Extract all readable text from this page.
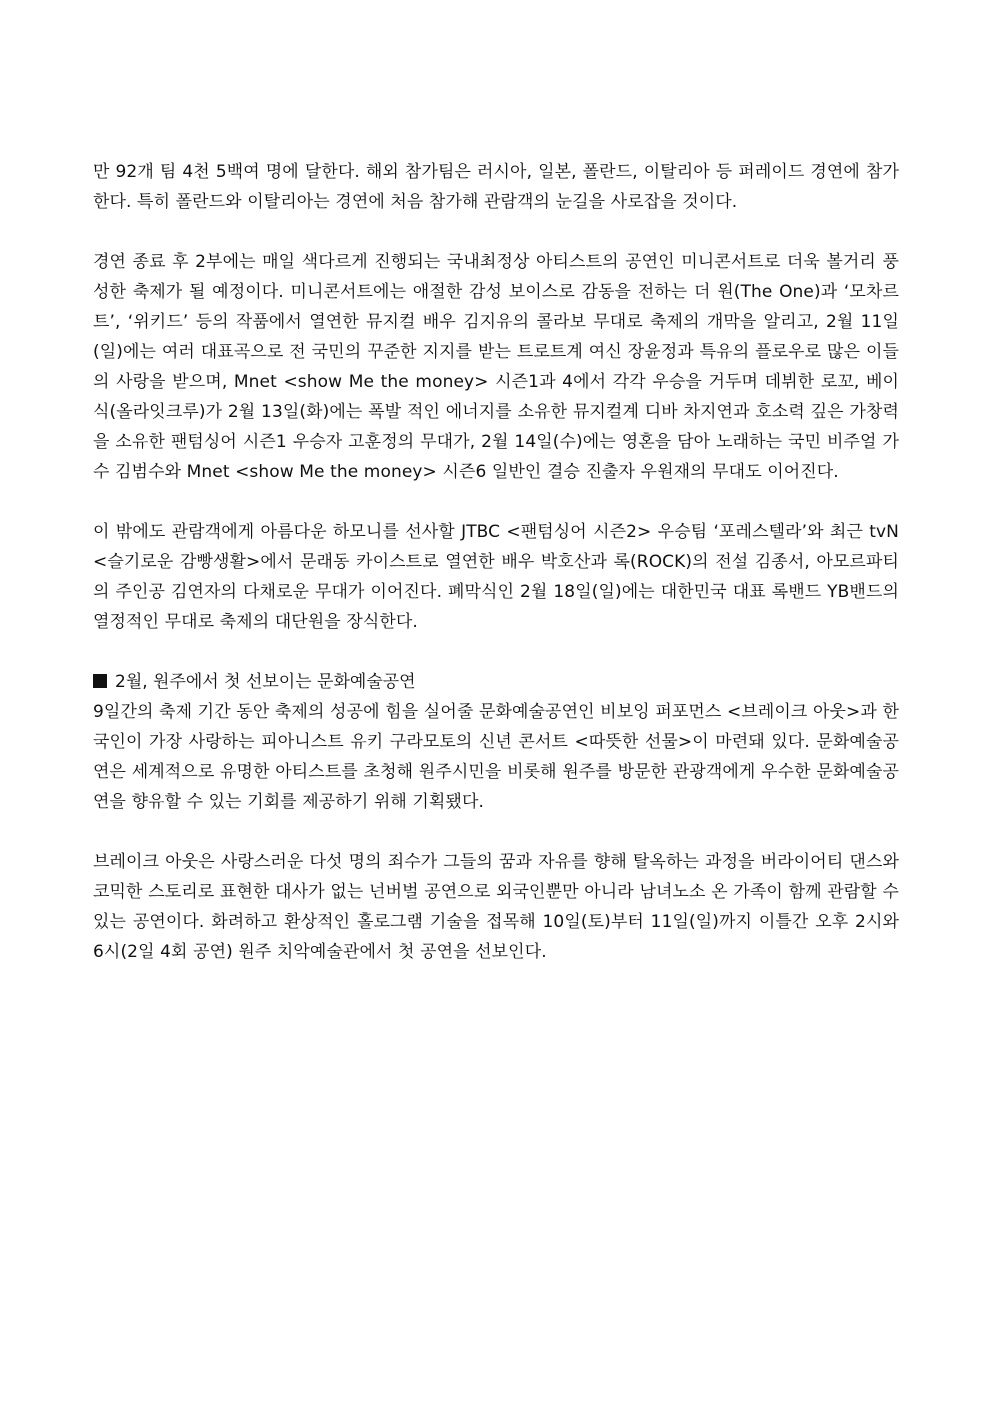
만 92개 팀 4천 5백여 명에 달한다. 해외 참가팀은 러시아, 일본, 폴란드, 이탈리아 등 퍼레이드 경연에 참가한다. 특히 폴란드와 이탈리아는 경연에 처음 참가해 관람객의 눈길을 사로잡을 것이다.

경연 종료 후 2부에는 매일 색다르게 진행되는 국내최정상 아티스트의 공연인 미니콘서트로 더욱 볼거리 풍성한 축제가 될 예정이다. 미니콘서트에는 애절한 감성 보이스로 감동을 전하는 더 원(The One)과 ‘모차르트’, ‘위키드’ 등의 작품에서 열연한 뮤지컬 배우 김지유의 콜라보 무대로 축제의 개막을 알리고, 2월 11일(일)에는 여러 대표곡으로 전 국민의 꾸준한 지지를 받는 트로트계 여신 장윤정과 특유의 플로우로 많은 이들의 사랑을 받으며, Mnet <show Me the money> 시즌1과 4에서 각각 우승을 거두며 데뷔한 로꼬, 베이식(올라잇크루)가 2월 13일(화)에는 폭발 적인 에너지를 소유한 뮤지컬계 디바 차지연과 호소력 깊은 가창력을 소유한 팬텀싱어 시즌1 우승자 고훈정의 무대가, 2월 14일(수)에는 영혼을 담아 노래하는 국민 비주얼 가수 김범수와 Mnet <show Me the money> 시즌6 일반인 결승 진출자 우원재의 무대도 이어진다.

이 밖에도 관람객에게 아름다운 하모니를 선사할 JTBC <팬텀싱어 시즌2> 우승팀 ‘포레스텔라’와 최근 tvN <슬기로운 감빵생활>에서 문래동 카이스트로 열연한 배우 박호산과 록(ROCK)의 전설 김종서, 아모르파티의 주인공 김연자의 다채로운 무대가 이어진다. 폐막식인 2월 18일(일)에는 대한민국 대표 록밴드 YB밴드의 열정적인 무대로 축제의 대단원을 장식한다.

2월, 원주에서 첫 선보이는 문화예술공연

9일간의 축제 기간 동안 축제의 성공에 힘을 실어줄 문화예술공연인 비보잉 퍼포먼스 <브레이크 아웃>과 한국인이 가장 사랑하는 피아니스트 유키 구라모토의 신년 콘서트 <따뜻한 선물>이 마련돼 있다. 문화예술공연은 세계적으로 유명한 아티스트를 초청해 원주시민을 비롯해 원주를 방문한 관광객에게 우수한 문화예술공연을 향유할 수 있는 기회를 제공하기 위해 기획됐다.

브레이크 아웃은 사랑스러운 다섯 명의 죄수가 그들의 꿈과 자유를 향해 탈옥하는 과정을 버라이어티 댄스와 코믹한 스토리로 표현한 대사가 없는 넌버벌 공연으로 외국인뿐만 아니라 남녀노소 온 가족이 함께 관람할 수 있는 공연이다. 화려하고 환상적인 홀로그램 기술을 접목해 10일(토)부터 11일(일)까지 이틀간 오후 2시와 6시(2일 4회 공연) 원주 치악예술관에서 첫 공연을 선보인다.
